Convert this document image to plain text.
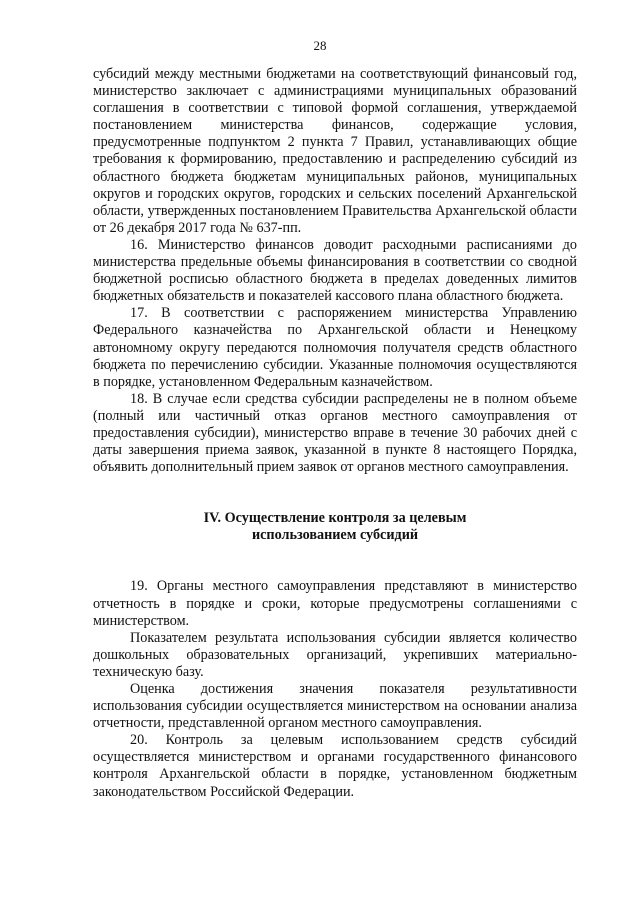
28

субсидий между местными бюджетами на соответствующий финансовый год, министерство заключает с администрациями муниципальных образований соглашения в соответствии с типовой формой соглашения, утверждаемой постановлением министерства финансов, содержащие условия, предусмотренные подпунктом 2 пункта 7 Правил, устанавливающих общие требования к формированию, предоставлению и распределению субсидий из областного бюджета бюджетам муниципальных районов, муниципальных округов и городских округов, городских и сельских поселений Архангельской области, утвержденных постановлением Правительства Архангельской области от 26 декабря 2017 года № 637-пп.

16. Министерство финансов доводит расходными расписаниями до министерства предельные объемы финансирования в соответствии со сводной бюджетной росписью областного бюджета в пределах доведенных лимитов бюджетных обязательств и показателей кассового плана областного бюджета.

17. В соответствии с распоряжением министерства Управлению Федерального казначейства по Архангельской области и Ненецкому автономному округу передаются полномочия получателя средств областного бюджета по перечислению субсидии. Указанные полномочия осуществляются в порядке, установленном Федеральным казначейством.

18. В случае если средства субсидии распределены не в полном объеме (полный или частичный отказ органов местного самоуправления от предоставления субсидии), министерство вправе в течение 30 рабочих дней с даты завершения приема заявок, указанной в пункте 8 настоящего Порядка, объявить дополнительный прием заявок от органов местного самоуправления.

IV. Осуществление контроля за целевым

использованием субсидий

19. Органы местного самоуправления представляют в министерство отчетность в порядке и сроки, которые предусмотрены соглашениями с министерством.

Показателем результата использования субсидии является количество дошкольных образовательных организаций, укрепивших материально-техническую базу.

Оценка достижения значения показателя результативности использования субсидии осуществляется министерством на основании анализа отчетности, представленной органом местного самоуправления.

20. Контроль за целевым использованием средств субсидий осуществляется министерством и органами государственного финансового контроля Архангельской области в порядке, установленном бюджетным законодательством Российской Федерации.
